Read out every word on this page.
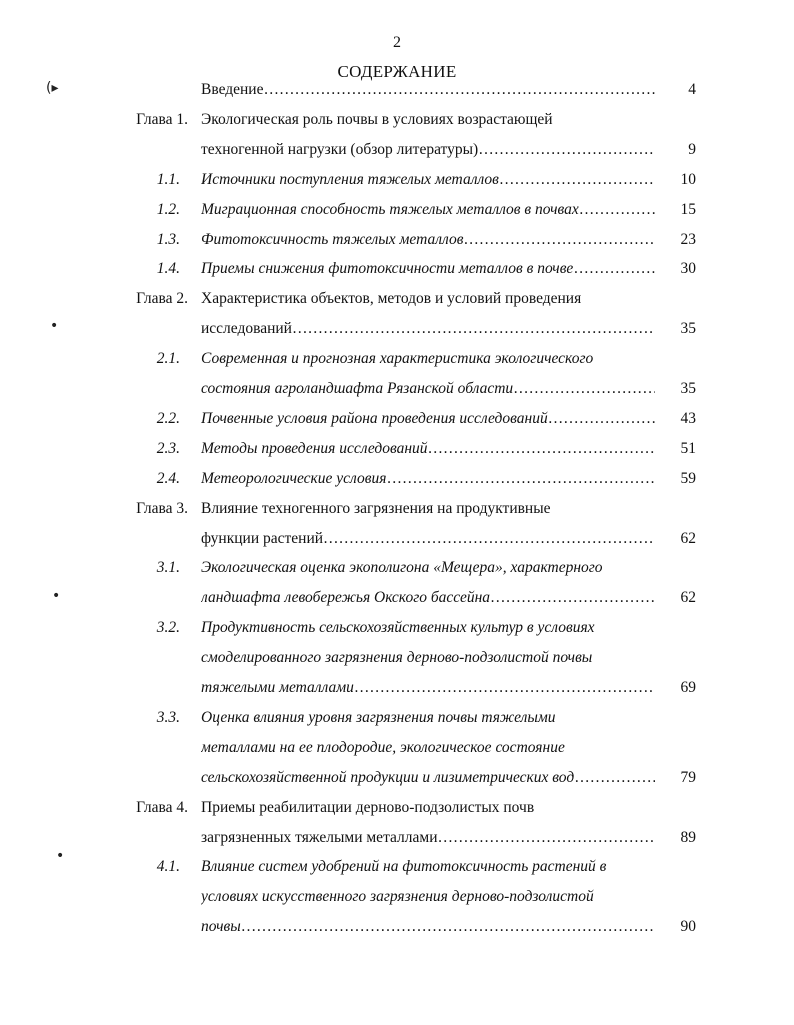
2
СОДЕРЖАНИЕ
(▸
•
•
•
Введение ……………………………………………………………………………………………………………………	4
Глава 1. Экологическая роль почвы в условиях возрастающей
техногенной нагрузки (обзор литературы) ……………………………………………………………………………………………………………………	9
1.1. Источники поступления тяжелых металлов ……………………………………………………………………………………………………………………	10
1.2. Миграционная способность тяжелых металлов в почвах ……………………………………………………………………………………………………………………	15
1.3. Фитотоксичность тяжелых металлов ……………………………………………………………………………………………………………………	23
1.4. Приемы снижения фитотоксичности металлов в почве ……………………………………………………………………………………………………………………	30
Глава 2. Характеристика объектов, методов и условий проведения
исследований ……………………………………………………………………………………………………………………	35
2.1. Современная и прогнозная характеристика экологического
состояния агроландшафта Рязанской области ……………………………………………………………………………………………………………………	35
2.2. Почвенные условия района проведения исследований ……………………………………………………………………………………………………………………	43
2.3. Методы проведения исследований ……………………………………………………………………………………………………………………	51
2.4. Метеорологические условия ……………………………………………………………………………………………………………………	59
Глава 3. Влияние техногенного загрязнения на продуктивные
функции растений ……………………………………………………………………………………………………………………	62
3.1. Экологическая оценка экополигона «Мещера», характерного
ландшафта левобережья Окского бассейна ……………………………………………………………………………………………………………………	62
3.2. Продуктивность сельскохозяйственных культур в условиях
смоделированного загрязнения дерново-подзолистой почвы
тяжелыми металлами ……………………………………………………………………………………………………………………	69
3.3. Оценка влияния уровня загрязнения почвы тяжелыми
металлами на ее плодородие, экологическое состояние
сельскохозяйственной продукции и лизиметрических вод ……………………………………………………………………………………………………………………	79
Глава 4. Приемы реабилитации дерново-подзолистых почв
загрязненных тяжелыми металлами ……………………………………………………………………………………………………………………	89
4.1. Влияние систем удобрений на фитотоксичность растений в
условиях искусственного загрязнения дерново-подзолистой
почвы ……………………………………………………………………………………………………………………	90
